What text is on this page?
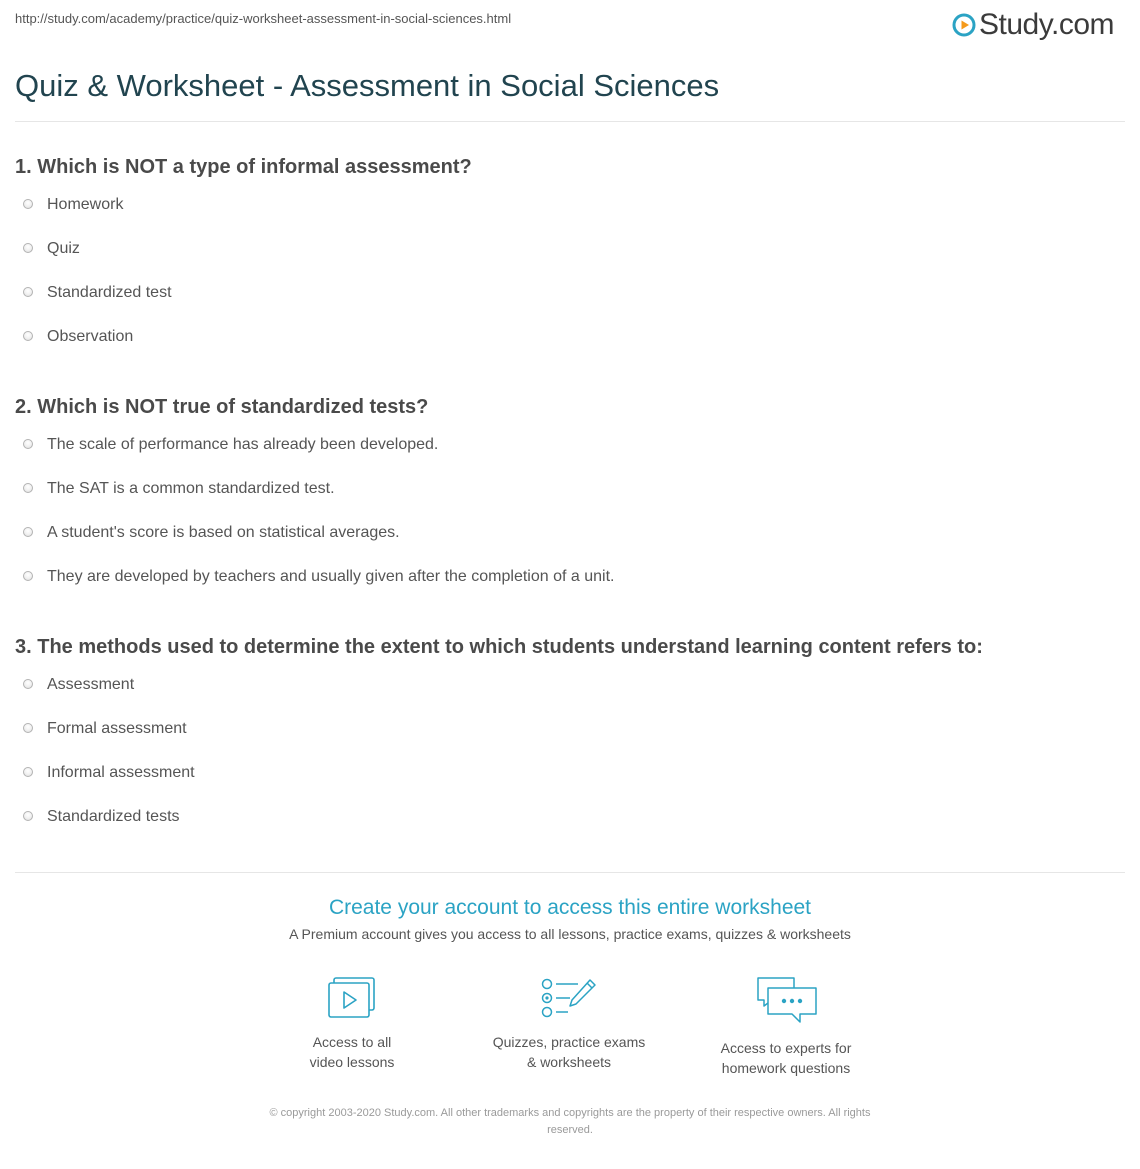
http://study.com/academy/practice/quiz-worksheet-assessment-in-social-sciences.html	Study.com
Quiz & Worksheet - Assessment in Social Sciences
1. Which is NOT a type of informal assessment?
Homework
Quiz
Standardized test
Observation
2. Which is NOT true of standardized tests?
The scale of performance has already been developed.
The SAT is a common standardized test.
A student's score is based on statistical averages.
They are developed by teachers and usually given after the completion of a unit.
3. The methods used to determine the extent to which students understand learning content refers to:
Assessment
Formal assessment
Informal assessment
Standardized tests
Create your account to access this entire worksheet
A Premium account gives you access to all lessons, practice exams, quizzes & worksheets
Access to all
video lessons
Quizzes, practice exams
& worksheets
Access to experts for
homework questions
© copyright 2003-2020 Study.com. All other trademarks and copyrights are the property of their respective owners. All rights
reserved.
